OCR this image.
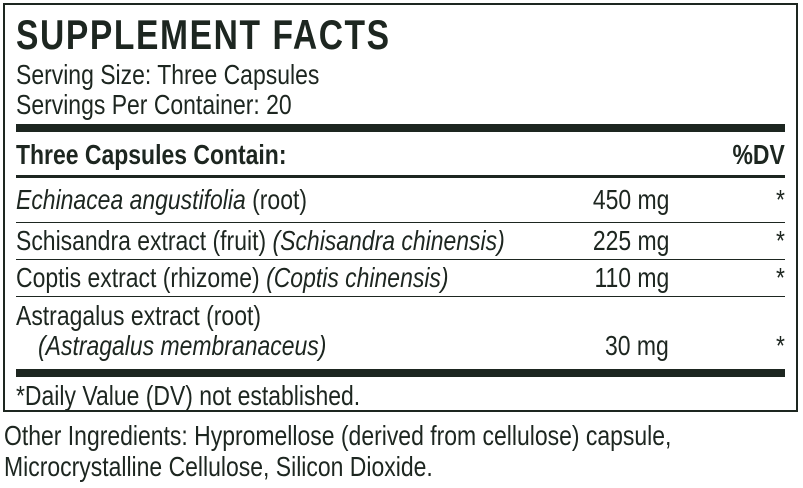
SUPPLEMENT FACTS
Serving Size: Three Capsules
Servings Per Container: 20
Three Capsules Contain:	%DV
Echinacea angustifolia (root)	450 mg	*
Schisandra extract (fruit) (Schisandra chinensis)	225 mg	*
Coptis extract (rhizome) (Coptis chinensis)	110 mg	*
Astragalus extract (root)
(Astragalus membranaceus)	30 mg	*
*Daily Value (DV) not established.
Other Ingredients: Hypromellose (derived from cellulose) capsule,
Microcrystalline Cellulose, Silicon Dioxide.
